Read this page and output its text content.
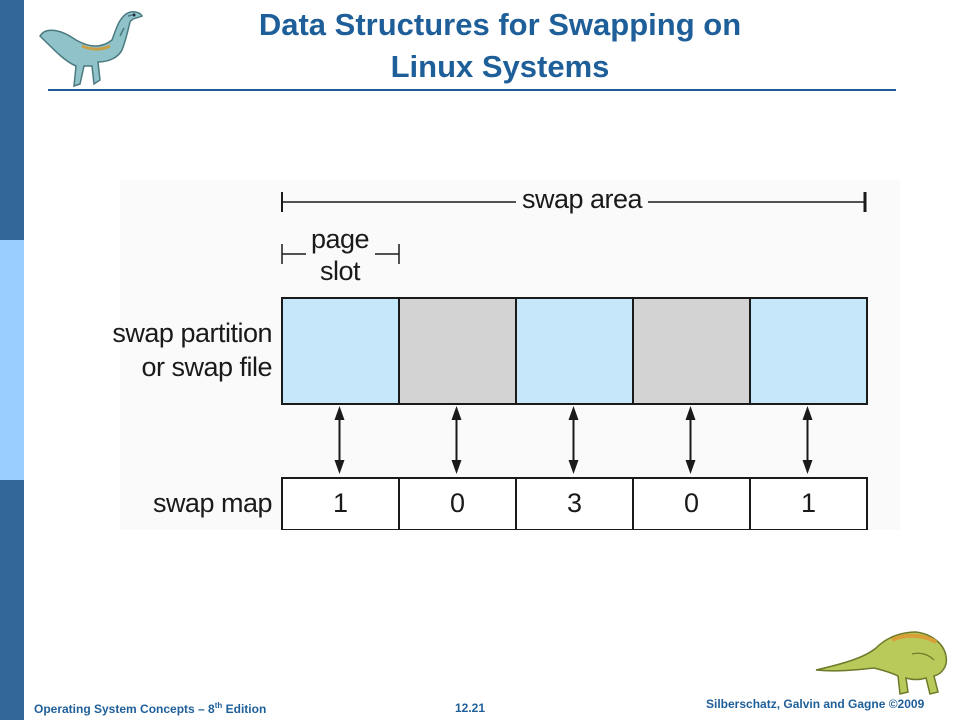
Data Structures for Swapping on
Linux Systems
swap area
page
slot
swap partition
or swap file
swap map	1	0	3	0	1
Operating System Concepts – 8th Edition	12.21	Silberschatz, Galvin and Gagne ©2009
